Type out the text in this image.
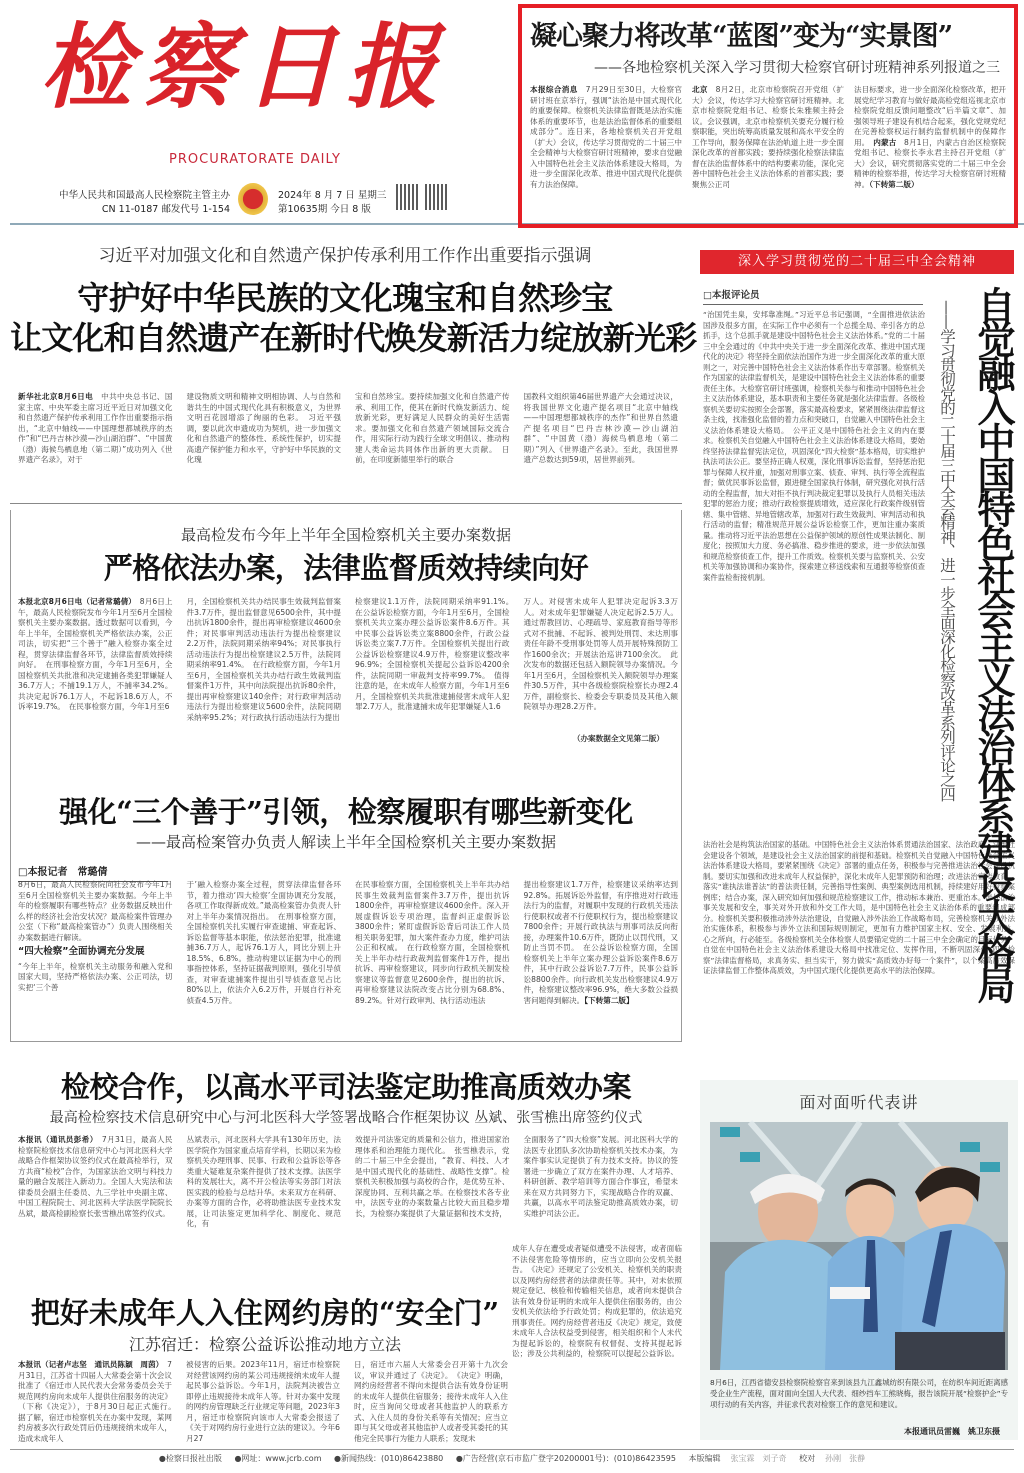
检察日报
PROCURATORATE DAILY
中华人民共和国最高人民检察院主管主办
CN 11-0187 邮发代号 1-154
2024年 8 月 7 日 星期三
第10635期 今日 8 版
凝心聚力将改革“蓝图”变为“实景图”
——各地检察机关深入学习贯彻大检察官研讨班精神系列报道之三
本报综合消息　 7月29日至30日，大检察官研讨班在京举行，强调“法治是中国式现代化的重要保障。检察机关法律监督既是法治实施体系的重要环节，也是法治监督体系的重要组成部分”。连日来，各地检察机关召开党组（扩大）会议，传达学习贯彻党的二十届三中全会精神与大检察官研讨班精神，要求自觉融入中国特色社会主义法治体系建设大格局，为进一步全面深化改革、推进中国式现代化提供有力法治保障。
北京　 8月2日，北京市检察院召开党组（扩大）会议，传达学习大检察官研讨班精神。北京市检察院党组书记、检察长朱雅频主持会议。会议强调，北京市检察机关要充分履行检察职能，突出统筹高质量发展和高水平安全的工作导向，服务保障在法治轨道上进一步全面深化改革的首都实践；要持续强化检察法律监督在法治监督体系中的结构要素功能，深化完善中国特色社会主义法治体系的首都实践；要聚焦公正司
法目标要求，进一步全面深化检察改革，把开展党纪学习教育与做好最高检党组巡视北京市检察院党组反馈问题整改“后半篇文章”、加强领导班子建设有机结合起来，强化党规党纪在完善检察权运行制约监督机制中的保障作用。　 内蒙古　 8月1日，内蒙古自治区检察院党组书记、检察长李永君主持召开党组（扩大）会议，研究贯彻落实党的二十届三中全会精神的检察举措，传达学习大检察官研讨班精神。（下转第二版）
习近平对加强文化和自然遗产保护传承利用工作作出重要指示强调
守护好中华民族的文化瑰宝和自然珍宝
让文化和自然遗产在新时代焕发新活力绽放新光彩
新华社北京8月6日电　 中共中央总书记、国家主席、中央军委主席习近平近日对加强文化和自然遗产保护传承利用工作作出重要指示指出，“北京中轴线——中国理想都城秩序的杰作”和“巴丹吉林沙漠—沙山湖泊群”、“中国黄（渤）海候鸟栖息地（第二期）”成功列入《世界遗产名录》，对于
建设物质文明和精神文明相协调、人与自然和谐共生的中国式现代化具有积极意义，为世界文明百花园增添了绚丽的色彩。　习近平强调，要以此次申遗成功为契机，进一步加强文化和自然遗产的整体性、系统性保护，切实提高遗产保护能力和水平，守护好中华民族的文化瑰
宝和自然珍宝。要持续加强文化和自然遗产传承、利用工作，使其在新时代焕发新活力、绽放新光彩，更好满足人民群众的美好生活需求。要加强文化和自然遗产领域国际交流合作，用实际行动为践行全球文明倡议、推动构建人类命运共同体作出新的更大贡献。　日前，在印度新德里举行的联合
国教科文组织第46届世界遗产大会通过决议，将我国世界文化遗产提名项目“北京中轴线——中国理想都城秩序的杰作”和世界自然遗产提名项目“巴丹吉林沙漠—沙山湖泊群”、“中国黄（渤）海候鸟栖息地（第二期）”列入《世界遗产名录》。至此，我国世界遗产总数达到59项，居世界前列。
最高检发布今年上半年全国检察机关主要办案数据
严格依法办案，法律监督质效持续向好
本报北京8月6日电（记者常璐倩）　 8月6日上午，最高人民检察院发布今年1月至6月全国检察机关主要办案数据。透过数据可以看到，今年上半年，全国检察机关严格依法办案，公正司法，切实把“三个善于”融入检察办案全过程，贯穿法律监督各环节，法律监督质效持续向好。　在刑事检察方面，今年1月至6月，全国检察机关共批准和决定逮捕各类犯罪嫌疑人36.7万人；不捕19.1万人，不捕率34.2%。共决定起诉76.1万人，不起诉18.6万人，不诉率19.7%。　在民事检察方面，今年1月至6
月，全国检察机关共办结民事生效裁判监督案件3.7万件，提出监督意见6500余件，其中提出抗诉1800余件，提出再审检察建议4600余件；对民事审判活动违法行为提出检察建议2.2万件，法院同期采纳率94%；对民事执行活动违法行为提出检察建议2.5万件，法院同期采纳率91.4%。　在行政检察方面，今年1月至6月，全国检察机关共办结行政生效裁判监督案件1万件，其中向法院提出抗诉80余件，提出再审检察建议140余件；对行政审判活动违法行为提出检察建议5600余件，法院同期采纳率95.2%；对行政执行活动违法行为提出
检察建议1.1万件，法院同期采纳率91.1%。　在公益诉讼检察方面，今年1月至6月，全国检察机关共立案办理公益诉讼案件8.6万件。其中民事公益诉讼类立案8800余件，行政公益诉讼类立案7.7万件。全国检察机关提出行政公益诉讼检察建议4.9万件，检察建议整改率96.9%；全国检察机关提起公益诉讼4200余件，法院同期一审裁判支持率99.7%。　值得注意的是，在未成年人检察方面，今年1月至6月，全国检察机关共批准逮捕侵害未成年人犯罪2.7万人，批准逮捕未成年犯罪嫌疑人1.6
万人。对侵害未成年人犯罪决定起诉3.3万人。对未成年犯罪嫌疑人决定起诉2.5万人。通过帮教回访、心理疏导、家庭教育指导等形式对不批捕、不起诉、被判处刑罚、未达刑事责任年龄不受刑事处罚等人员开展特殊预防工作1600余次；开展法治巡讲7100余次。　此次发布的数据还包括入额院领导办案情况。今年1月至6月，全国检察机关入额院领导办理案件30.5万件，其中各级检察院检察长办理2.4万件，副检察长、检委会专职委员及其他入额院领导办理28.2万件。
（办案数据全文见第二版）
强化“三个善于”引领，检察履职有哪些新变化
——最高检案管办负责人解读上半年全国检察机关主要办案数据
□本报记者　常璐倩
8月6日，最高人民检察院向社会发布今年1月至6月全国检察机关主要办案数据。今年上半年的检察履职有哪些特点？业务数据反映出什么样的经济社会治安状况？最高检案件管理办公室（下称“最高检案管办”）负责人围绕相关办案数据进行解读。
“四大检察”全面协调充分发展
“今年上半年，检察机关主动服务和融入党和国家大局，坚持严格依法办案、公正司法，切实把‘三个善
于’融入检察办案全过程，贯穿法律监督各环节，着力推动‘四大检察’全面协调充分发展，各项工作取得新成效。”最高检案管办负责人针对上半年办案情况指出。　在刑事检察方面，全国检察机关扎实履行审查逮捕、审查起诉、诉讼监督等基本职能，依法惩治犯罪，批准逮捕36.7万人，起诉76.1万人，同比分别上升18.5%、6.8%。推动构建以证据为中心的刑事指控体系，坚持证据裁判原则，强化引导侦查，对审查逮捕案件提出引导侦查意见占比80%以上，依法介入6.2万件，开展自行补充侦查4.5万件。
在民事检察方面，全国检察机关上半年共办结民事生效裁判监督案件3.7万件，提出抗诉1800余件，再审检察建议4600余件。深入开展虚假诉讼专项治理，监督纠正虚假诉讼3800余件；紧盯虚假诉讼背后司法工作人员相关职务犯罪，加大案件查办力度，维护司法公正和权威。　在行政检察方面，全国检察机关上半年办结行政裁判监督案件1万件，提出抗诉、再审检察建议，同步向行政机关制发检察建议等监督意见2600余件，提出的抗诉、再审检察建议法院改变占比分别为68.8%、89.2%。针对行政审判、执行活动违法
提出检察建议1.7万件，检察建议采纳率达到92.8%。拓展诉讼外监督，有序推进对行政违法行为的监督，对履职中发现的行政机关违法行使职权或者不行使职权行为，提出检察建议7800余件；开展行政执法与刑事司法反向衔接，办理案件10.6万件，既防止以罚代刑，又防止当罚不罚。　在公益诉讼检察方面，全国检察机关上半年立案办理公益诉讼案件8.6万件，其中行政公益诉讼7.7万件，民事公益诉讼8800余件。向行政机关发出检察建议4.9万件，检察建议整改率96.9%，绝大多数公益损害问题得到解决。【下转第二版】
检校合作，以高水平司法鉴定助推高质效办案
最高检检察技术信息研究中心与河北医科大学签署战略合作框架协议 丛斌、张雪樵出席签约仪式
本报讯（通讯员彭希）　 7月31日，最高人民检察院检察技术信息研究中心与河北医科大学战略合作框架协议签约仪式在最高检举行，双方共商“检校”合作，为国家法治文明与科技力量的融合发展注入新动力。全国人大宪法和法律委员会副主任委员、九三学社中央副主席、中国工程院院士、河北医科大学法医学院院长丛斌，最高检副检察长张雪樵出席签约仪式。
丛斌表示，河北医科大学具有130年历史，法医学院作为国家重点培育学科，长期以来为检察机关办理刑事、民事、行政和公益诉讼等各类重大疑难复杂案件提供了技术支撑。法医学科的发展壮大，离不开公检法等实务部门对法医实践的检验与总结升华。未来双方在科研、办案等方面的合作，必将助推法医专业技术发展，让司法鉴定更加科学化、制度化、规范化，有
效提升司法鉴定的质量和公信力，推进国家治理体系和治理能力现代化。　张雪樵表示，党的二十届三中全会提出，“教育、科技、人才是中国式现代化的基础性、战略性支撑”。检察机关积极加强与高校的合作，是优势互补、深度协同、互利共赢之举。在检察技术各专业中，法医专业的办案数量占比较大而且稳步增长，为检察办案提供了大量证据和技术支持，
全面服务了“四大检察”发展。河北医科大学的法医专业团队多次协助检察机关技术办案，为案件事实认定提供了有力技术支持。协议的签署进一步确立了双方在案件办理、人才培养、科研创新、教学培训等方面合作事宜，希望未来在双方共同努力下，实现战略合作的双赢、共赢，以高水平司法鉴定助推高质效办案，切实维护司法公正。
把好未成年人入住网约房的“安全门”
江苏宿迁：检察公益诉讼推动地方立法
本报讯（记者卢志坚　通讯员陈颖　周茵）　 7月31日，江苏省十四届人大常委会第十次会议批准了《宿迁市人民代表大会常务委员会关于规范网约房向未成年人提供住宿服务的决定》（下称《决定》），于8月30日起正式施行。　据了解，宿迁市检察机关在办案中发现，某网约房被多次行政处罚后仍违规接纳未成年人，造成未成年人
被侵害的后果。2023年11月，宿迁市检察院对经营该网约房的某公司违规接纳未成年人提起民事公益诉讼。今年1月，法院判决被告立即停止违规接待未成年人等。针对办案中发现的网约房管理缺乏行业规定等问题，2023年3月，宿迁市检察院向该市人大常委会报送了《关于对网约房行业进行立法的建议》。今年6月27
日，宿迁市六届人大常委会召开第十九次会议，审议并通过了《决定》。　《决定》明确，网约房经营者不得向未提供合法有效身份证明的未成年人提供住宿服务；接待未成年人入住时，应当询问父母或者其他监护人的联系方式、入住人员的身份关系等有关情况；应当立即与其父母或者其他监护人或者受其委托的其他完全民事行为能力人联系；发现未
成年人存在遭受或者疑似遭受不法侵害，或者面临不法侵害危险等情形的，应当立即向公安机关报告。　《决定》还规定了公安机关、检察机关的职责以及网约房经营者的法律责任等。其中，对未依照规定登记、核验和传输相关信息，或者向未提供合法有效身份证明的未成年人提供住宿服务的，由公安机关依法给予行政处罚；构成犯罪的，依法追究刑事责任。网约房经营者违反《决定》规定，致使未成年人合法权益受到侵害，相关组织和个人未代为提起诉讼的，检察院有权督促、支持其提起诉讼；涉及公共利益的，检察院可以提起公益诉讼。
深入学习贯彻党的二十届三中全会精神
□本报评论员
“治国凭圭臬，安邦靠准绳。”习近平总书记强调，“全面推进依法治国涉及很多方面，在实际工作中必须有一个总揽全局、牵引各方的总抓手，这个总抓手就是建设中国特色社会主义法治体系。”党的二十届三中全会通过的《中共中央关于进一步全面深化改革、推进中国式现代化的决定》将坚持全面依法治国作为进一步全面深化改革的重大原则之一，对完善中国特色社会主义法治体系作出专章部署。检察机关作为国家的法律监督机关，是建设中国特色社会主义法治体系的重要责任主体。大检察官研讨班强调，检察机关参与和推动中国特色社会主义法治体系建设，基本职责和主要任务就是强化法律监督。各级检察机关要切实按照全会部署，落实最高检要求，紧紧围绕法律监督这条主线，找准强化监督的着力点和突破口，自觉融入中国特色社会主义法治体系建设大格局。　公平正义是中国特色社会主义的内在要求。检察机关自觉融入中国特色社会主义法治体系建设大格局，要始终坚持法律监督宪法定位，巩固深化“四大检察”基本格局，切实维护执法司法公正。要坚持正确人权观，深化刑事诉讼监督，坚持惩治犯罪与保障人权并重，加强对刑事立案、侦查、审判、执行等全流程监督；做优民事诉讼监督，跟进健全国家执行体制，研究强化对执行活动的全程监督，加大对拒不执行判决裁定犯罪以及执行人员相关违法犯罪的惩治力度；推动行政检察提质增效，适应深化行政案件级别管辖、集中管辖、异地管辖改革，加强对行政生效裁判、审判活动和执行活动的监督；精准规范开展公益诉讼检察工作，更加注重办案质量。推动将习近平法治思想在公益保护领域的原创性成果法制化、制度化；按照加大力度、务必搞准、稳步推进的要求，进一步依法加强和规范检察侦查工作，提升工作质效。检察机关要与监察机关、公安机关等加强协调和办案协作，探索建立移送线索和互通报等检察侦查案件监检衔接机制。
法治社会是构筑法治国家的基础。中国特色社会主义法治体系贯通法治国家、法治政府、法治社会建设各个领域，是建设社会主义法治国家的前提和基础。检察机关自觉融入中国特色社会主义法治体系建设大格局，要紧紧围绕《决定》部署的重点任务，积极参与完善推进法治社会建设机制。要切实加强和改进未成年人权益保护，深化未成年人犯罪预防和治理；改进法治宣传教育，落实“谁执法谁普法”的普法责任制，完善指导性案例、典型案例选用机制，持续建好用好检察案例库；结合办案，深入研究如何加强和规范检察建议工作，推动标本兼治、更重治本。涉外法治事关发展和安全，事关对外开放和外交工作大局，是中国特色社会主义法治体系的重要组成部分。检察机关要积极推动涉外法治建设，自觉融入涉外法治工作战略布局，完善检察机关涉外法治实施体系，积极参与涉外立法和国际规则制定，更加有力维护国家主权、安全、发展利益。　心之所向，行必能至。各级检察机关全体检察人员要锚定党的二十届三中全会确定的目标任务，自觉在中国特色社会主义法治体系建设大格局中找准定位、发挥作用，不断巩固深化“四大检察”法律监督格局，求真务实、担当实干，努力做实“高质效办好每一个案件”，以个案高质效保证法律监督工作整体高质效，为中国式现代化提供更高水平的法治保障。 自觉融入中国特色社会主义法治体系建设大格局
——学习贯彻党的二十届三中全会精神、进一步全面深化检察改革系列评论之四
面对面听代表讲
8月6日，江西省德安县检察院检察官来到该县九江鑫城纺织有限公司，在纺织车间近距离感受企业生产流程，面对面向全国人大代表、细纱挡车工熊晓梅，报告该院开展“检察护企”专项行动的有关内容，并征求代表对检察工作的意见和建议。
本报通讯员雷巍　姚卫东摄
●检察日报社出版 ●网址：www.jcrb.com ●新闻热线：(010)86423880 ●广告经营(京石市监广登字20200001号)：(010)86423595 本版编辑 张宝霖　刘子奇 校对 孙刚　张静
